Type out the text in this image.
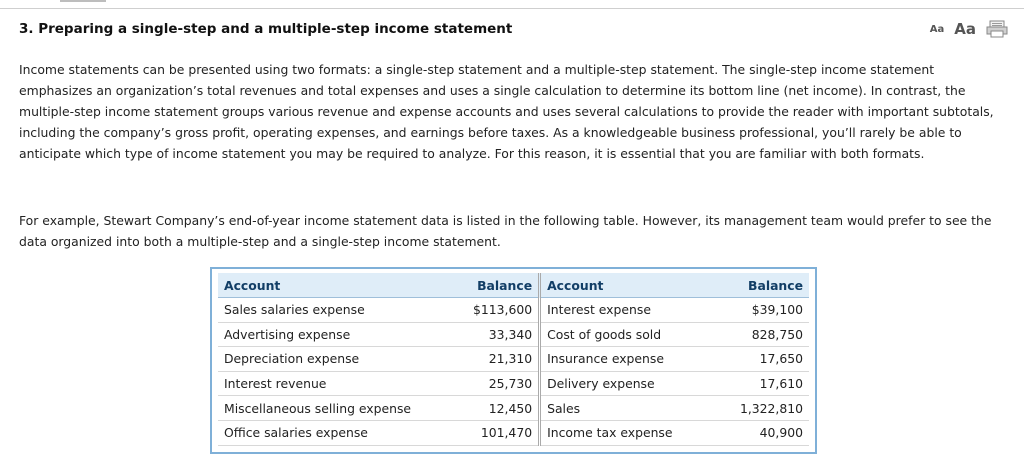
3. Preparing a single-step and a multiple-step income statement	Aa Aa

Income statements can be presented using two formats: a single-step statement and a multiple-step statement. The single-step income statement emphasizes an organization’s total revenues and total expenses and uses a single calculation to determine its bottom line (net income). In contrast, the multiple-step income statement groups various revenue and expense accounts and uses several calculations to provide the reader with important subtotals, including the company’s gross profit, operating expenses, and earnings before taxes. As a knowledgeable business professional, you’ll rarely be able to anticipate which type of income statement you may be required to analyze. For this reason, it is essential that you are familiar with both formats.

For example, Stewart Company’s end-of-year income statement data is listed in the following table. However, its management team would prefer to see the data organized into both a multiple-step and a single-step income statement.

Account	Balance	Account	Balance
Sales salaries expense	$113,600	Interest expense	$39,100
Advertising expense	33,340	Cost of goods sold	828,750
Depreciation expense	21,310	Insurance expense	17,650
Interest revenue	25,730	Delivery expense	17,610
Miscellaneous selling expense	12,450	Sales	1,322,810
Office salaries expense	101,470	Income tax expense	40,900
